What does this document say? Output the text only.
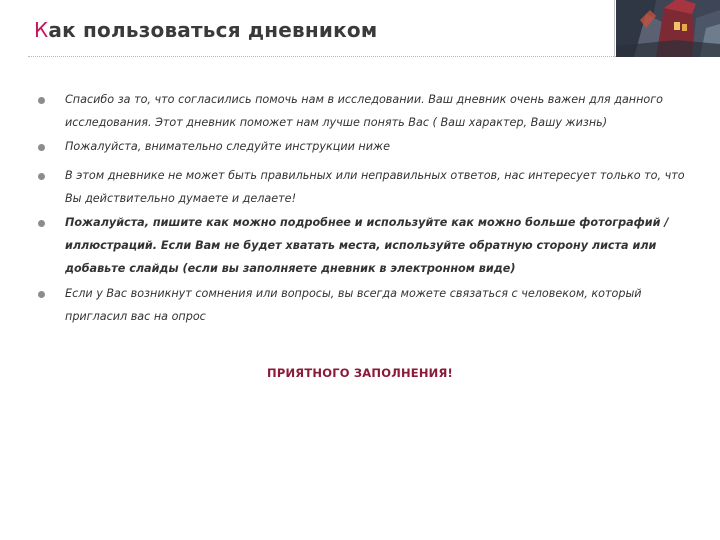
Как пользоваться дневником
Спасибо за то, что согласились помочь нам в исследовании. Ваш дневник очень важен для данного исследования. Этот дневник поможет нам лучше понять Вас ( Ваш характер, Вашу жизнь)
Пожалуйста, внимательно следуйте инструкции ниже
В этом дневнике не может быть правильных или неправильных ответов, нас интересует только то, что Вы действительно думаете и делаете!
Пожалуйста, пишите как можно подробнее и используйте как можно больше фотографий / иллюстраций. Если Вам не будет хватать места, используйте обратную сторону листа или добавьте слайды (если вы заполняете дневник в электронном виде)
Если у Вас возникнут сомнения или вопросы, вы всегда можете связаться с человеком, который пригласил вас на опрос
ПРИЯТНОГО ЗАПОЛНЕНИЯ!
